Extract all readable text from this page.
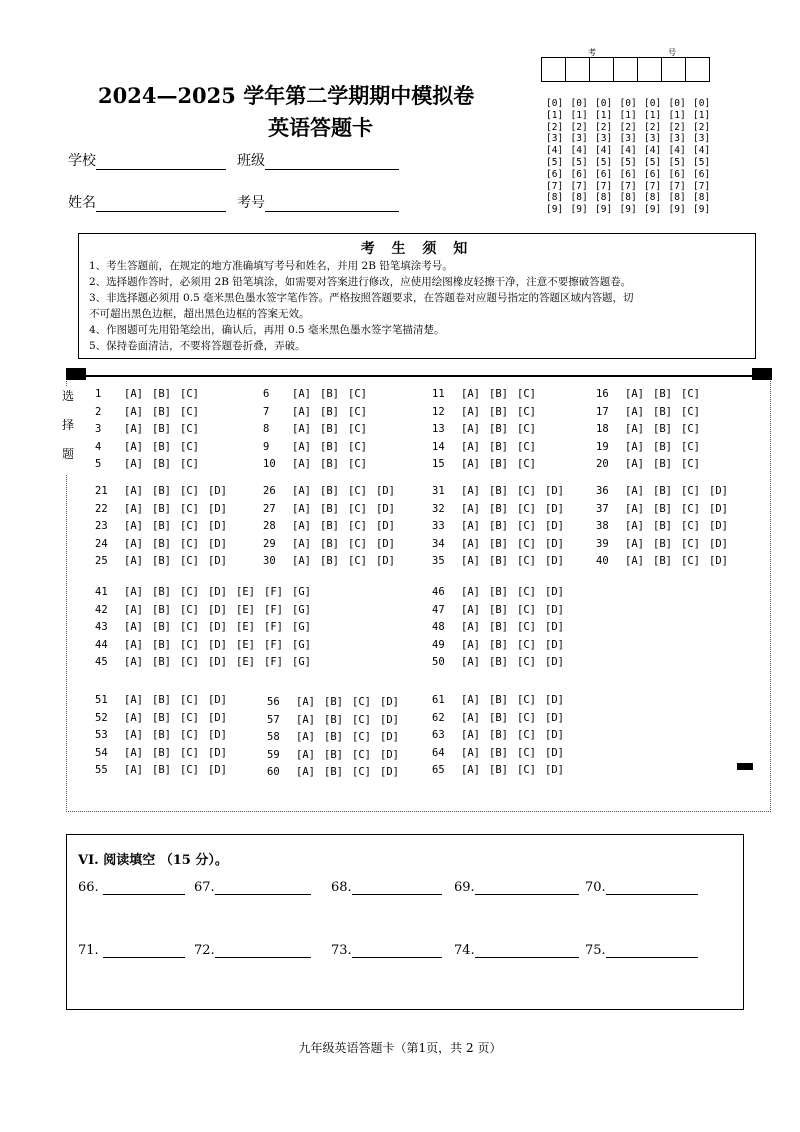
2024—2025 学年第二学期期中模拟卷
英语答题卡
学校	班级
姓名	考号
考	号
[0] [0] [0] [0] [0] [0] [0]
[1] [1] [1] [1] [1] [1] [1]
[2] [2] [2] [2] [2] [2] [2]
[3] [3] [3] [3] [3] [3] [3]
[4] [4] [4] [4] [4] [4] [4]
[5] [5] [5] [5] [5] [5] [5]
[6] [6] [6] [6] [6] [6] [6]
[7] [7] [7] [7] [7] [7] [7]
[8] [8] [8] [8] [8] [8] [8]
[9] [9] [9] [9] [9] [9] [9]
考 生 须 知
1、考生答题前，在规定的地方准确填写考号和姓名，并用 2B 铅笔填涂考号。
2、选择题作答时，必须用 2B 铅笔填涂，如需要对答案进行修改，应使用绘图橡皮轻擦干净，注意不要擦破答题卷。
3、非选择题必须用 0.5 毫米黑色墨水签字笔作答。严格按照答题要求，在答题卷对应题号指定的答题区域内答题，切
不可超出黑色边框，超出黑色边框的答案无效。
4、作图题可先用铅笔绘出，确认后，再用 0.5 毫米黑色墨水签字笔描清楚。
5、保持卷面清洁，不要将答题卷折叠，弄破。
选
择
题
1	[A] [B] [C]
2	[A] [B] [C]
3	[A] [B] [C]
4	[A] [B] [C]
5	[A] [B] [C]
6	[A] [B] [C]
7	[A] [B] [C]
8	[A] [B] [C]
9	[A] [B] [C]
10	[A] [B] [C]
11	[A] [B] [C]
12	[A] [B] [C]
13	[A] [B] [C]
14	[A] [B] [C]
15	[A] [B] [C]
16	[A] [B] [C]
17	[A] [B] [C]
18	[A] [B] [C]
19	[A] [B] [C]
20	[A] [B] [C]
21	[A] [B] [C] [D]
22	[A] [B] [C] [D]
23	[A] [B] [C] [D]
24	[A] [B] [C] [D]
25	[A] [B] [C] [D]
26	[A] [B] [C] [D]
27	[A] [B] [C] [D]
28	[A] [B] [C] [D]
29	[A] [B] [C] [D]
30	[A] [B] [C] [D]
31	[A] [B] [C] [D]
32	[A] [B] [C] [D]
33	[A] [B] [C] [D]
34	[A] [B] [C] [D]
35	[A] [B] [C] [D]
36	[A] [B] [C] [D]
37	[A] [B] [C] [D]
38	[A] [B] [C] [D]
39	[A] [B] [C] [D]
40	[A] [B] [C] [D]
41	[A] [B] [C] [D] [E] [F] [G]
42	[A] [B] [C] [D] [E] [F] [G]
43	[A] [B] [C] [D] [E] [F] [G]
44	[A] [B] [C] [D] [E] [F] [G]
45	[A] [B] [C] [D] [E] [F] [G]
46	[A] [B] [C] [D]
47	[A] [B] [C] [D]
48	[A] [B] [C] [D]
49	[A] [B] [C] [D]
50	[A] [B] [C] [D]
51	[A] [B] [C] [D]
52	[A] [B] [C] [D]
53	[A] [B] [C] [D]
54	[A] [B] [C] [D]
55	[A] [B] [C] [D]
56	[A] [B] [C] [D]
57	[A] [B] [C] [D]
58	[A] [B] [C] [D]
59	[A] [B] [C] [D]
60	[A] [B] [C] [D]
61	[A] [B] [C] [D]
62	[A] [B] [C] [D]
63	[A] [B] [C] [D]
64	[A] [B] [C] [D]
65	[A] [B] [C] [D]
VI. 阅读填空 （15 分）。
66.	67.	68.	69.	70.
71.	72.	73.	74.	75.
九年级英语答题卡（第1页，共 2 页）
